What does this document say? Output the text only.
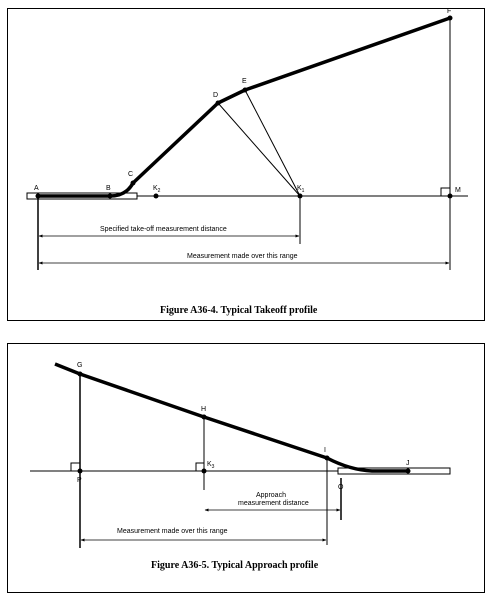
A	B
C
$K_2$
D
E
$K_1$	M
F
Specified take-off measurement distance
Measurement made over this range
Figure A36-4. Typical Takeoff profile
G
H
I
J
P
$K_3$
O
Approach
measurement distance
Measurement made over this range
Figure A36-5. Typical Approach profile
